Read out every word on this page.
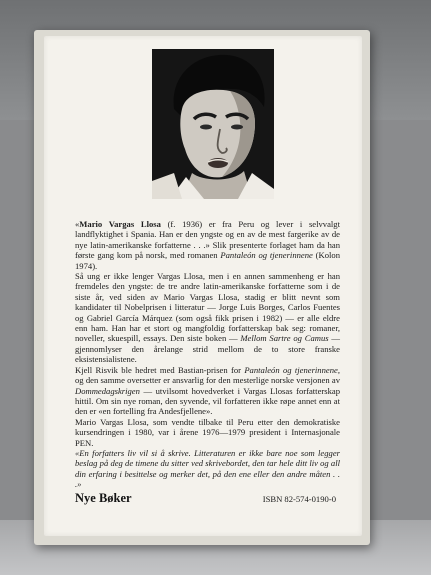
«Mario Vargas Llosa (f. 1936) er fra Peru og lever i selvvalgt landflyktighet i Spania. Han er den yngste og en av de mest fargerike av de nye latin-amerikanske forfatterne . . .» Slik presenterte forlaget ham da han første gang kom på norsk, med romanen Pantaleón og tjenerinnene (Kolon 1974).

Så ung er ikke lenger Vargas Llosa, men i en annen sammenheng er han fremdeles den yngste: de tre andre latin-amerikanske forfatterne som i de siste år, ved siden av Mario Vargas Llosa, stadig er blitt nevnt som kandidater til Nobelprisen i litteratur — Jorge Luis Borges, Carlos Fuentes og Gabriel García Márquez (som også fikk prisen i 1982) — er alle eldre enn ham. Han har et stort og mangfoldig forfatterskap bak seg: romaner, noveller, skuespill, essays. Den siste boken — Mellom Sartre og Camus — gjennomlyser den årelange strid mellom de to store franske eksistensialistene.

Kjell Risvik ble hedret med Bastian-prisen for Pantaleón og tjenerinnene, og den samme oversetter er ansvarlig for den mesterlige norske versjonen av Dommedagskrigen — utvilsomt hovedverket i Vargas Llosas forfatterskap hittil. Om sin nye roman, den syvende, vil forfatteren ikke røpe annet enn at den er «en fortelling fra Andesfjellene».

Mario Vargas Llosa, som vendte tilbake til Peru etter den demokratiske kursendringen i 1980, var i årene 1976—1979 president i Internasjonale PEN.

«En forfatters liv vil si å skrive. Litteraturen er ikke bare noe som legger beslag på deg de timene du sitter ved skrivebordet, den tar hele ditt liv og all din erfaring i besittelse og merker det, på den ene eller den andre måten . . .»

Nye Bøker	ISBN 82-574-0190-0
